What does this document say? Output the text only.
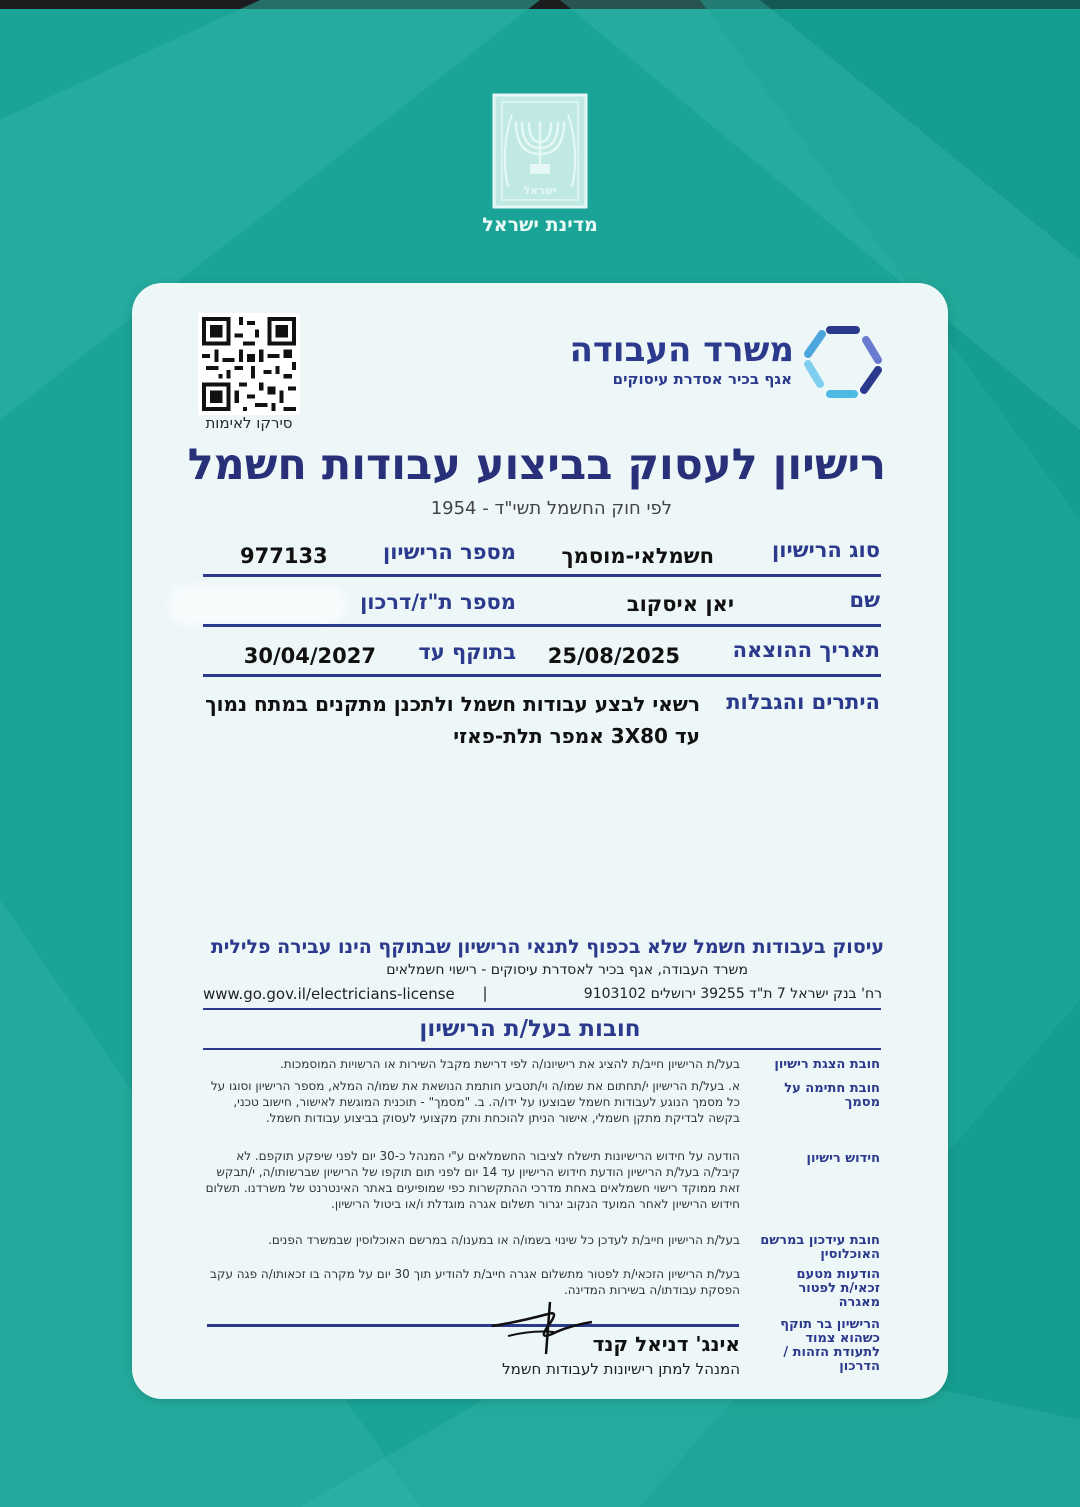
ישראל
מדינת ישראל
סירקו לאימות
משרד העבודה
אגף בכיר אסדרת עיסוקים
רישיון לעסוק בביצוע עבודות חשמל
לפי חוק החשמל תשי"ד - 1954
סוג הרישיון
חשמלאי-מוסמך
מספר הרישיון
977133
שם
יאן איסקוב
מספר ת"ז/דרכון
תאריך ההוצאה
25/08/2025
בתוקף עד
30/04/2027
היתרים והגבלות
רשאי לבצע עבודות חשמל ולתכנן מתקנים במתח נמוך עד 3X80 אמפר תלת-פאזי
עיסוק בעבודות חשמל שלא בכפוף לתנאי הרישיון שבתוקף הינו עבירה פלילית
משרד העבודה, אגף בכיר לאסדרת עיסוקים - רישוי חשמלאים
רח' בנק ישראל 7 ת"ד 39255 ירושלים 9103102
|
www.go.gov.il/electricians-license
חובות בעל/ת הרישיון
חובת הצגת רישיון
בעל/ת הרישיון חייב/ת להציג את רישיונו/ה לפי דרישת מקבל השירות או הרשויות המוסמכות.
חובת חתימה על מסמך
א. בעל/ת הרישיון י/תחתום את שמו/ה וי/תטביע חותמת הנושאת את שמו/ה המלא, מספר הרישיון וסוגו על כל מסמך הנוגע לעבודות חשמל שבוצעו על ידו/ה. ב. "מסמך" - תוכנית המוגשת לאישור, חישוב טכני, בקשה לבדיקת מתקן חשמלי, אישור הניתן להוכחת ותק מקצועי לעסוק בביצוע עבודות חשמל.
חידוש רישיון
הודעה על חידוש הרישיונות תישלח לציבור החשמלאים ע"י המנהל כ-30 יום לפני שיפקע תוקפם. לא קיבל/ה בעל/ת הרישיון הודעת חידוש הרישיון עד 14 יום לפני תום תוקפו של הרישיון שברשותו/ה, י/תבקש זאת ממוקד רישוי חשמלאים באחת מדרכי ההתקשרות כפי שמופיעים באתר האינטרנט של משרדנו. תשלום חידוש הרישיון לאחר המועד הנקוב יגרור תשלום אגרה מוגדלת ו/או ביטול הרישיון.
חובת עידכון במרשם האוכלוסין
בעל/ת הרישיון חייב/ת לעדכן כל שינוי בשמו/ה או במענו/ה במרשם האוכלוסין שבמשרד הפנים.
הודעות מטעם זכאי/ת לפטור מאגרה
בעל/ת הרישיון הזכאי/ת לפטור מתשלום אגרה חייב/ת להודיע תוך 30 יום על מקרה בו זכאותו/ה פגה עקב הפסקת עבודתו/ה בשירות המדינה.
הרישיון בר תוקף כשהוא צמוד לתעודת הזהות / הדרכון
אינג' דניאל קנד
המנהל למתן רישיונות לעבודות חשמל
